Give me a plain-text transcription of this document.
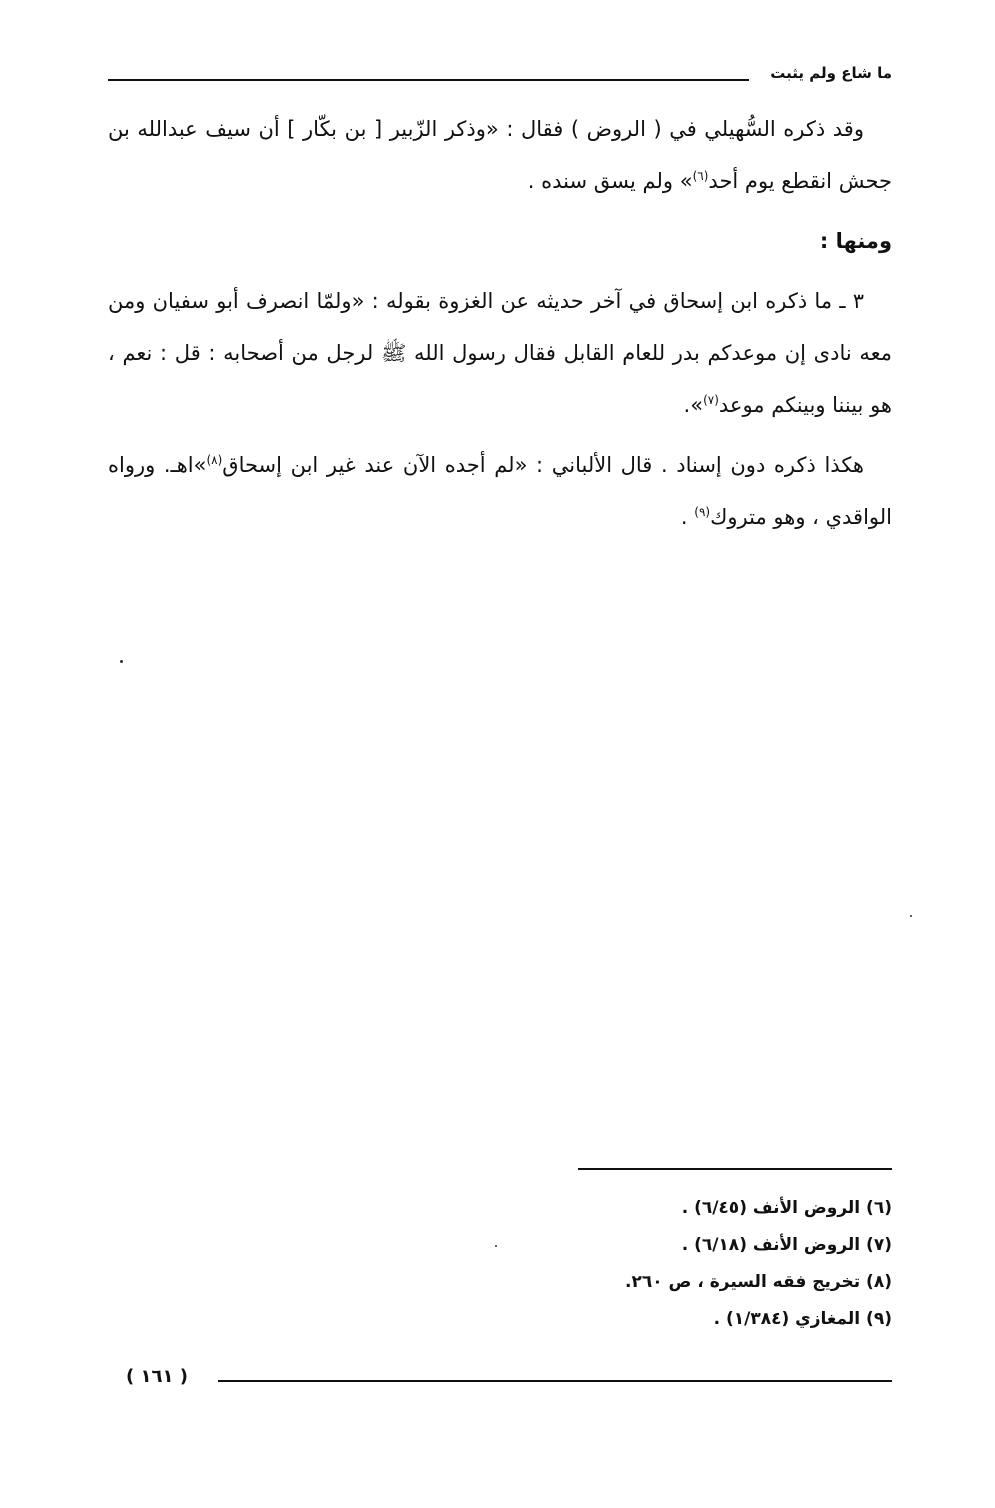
ما شاع ولم يثبت

وقد ذكره السُّهيلي في ( الروض ) فقال : «وذكر الزّبير [ بن بكّار ] أن سيف عبدالله بن جحش انقطع يوم أحد$^{(٦)}$» ولم يسق سنده .

ومنها :

٣ ـ ما ذكره ابن إسحاق في آخر حديثه عن الغزوة بقوله : «ولمّا انصرف أبو سفيان ومن معه نادى إن موعدكم بدر للعام القابل فقال رسول الله ﷺ لرجل من أصحابه : قل : نعم ، هو بيننا وبينكم موعد$^{(٧)}$».

هكذا ذكره دون إسناد . قال الألباني : «لم أجده الآن عند غير ابن إسحاق$^{(٨)}$»اهـ. ورواه الواقدي ، وهو متروك$^{(٩)}$ .

(٦) الروض الأنف (٦/٤٥) .

(٧) الروض الأنف (٦/١٨) .

(٨) تخريج فقه السيرة ، ص ٢٦٠.

(٩) المغازي (١/٣٨٤) .

( ١٦١ )
